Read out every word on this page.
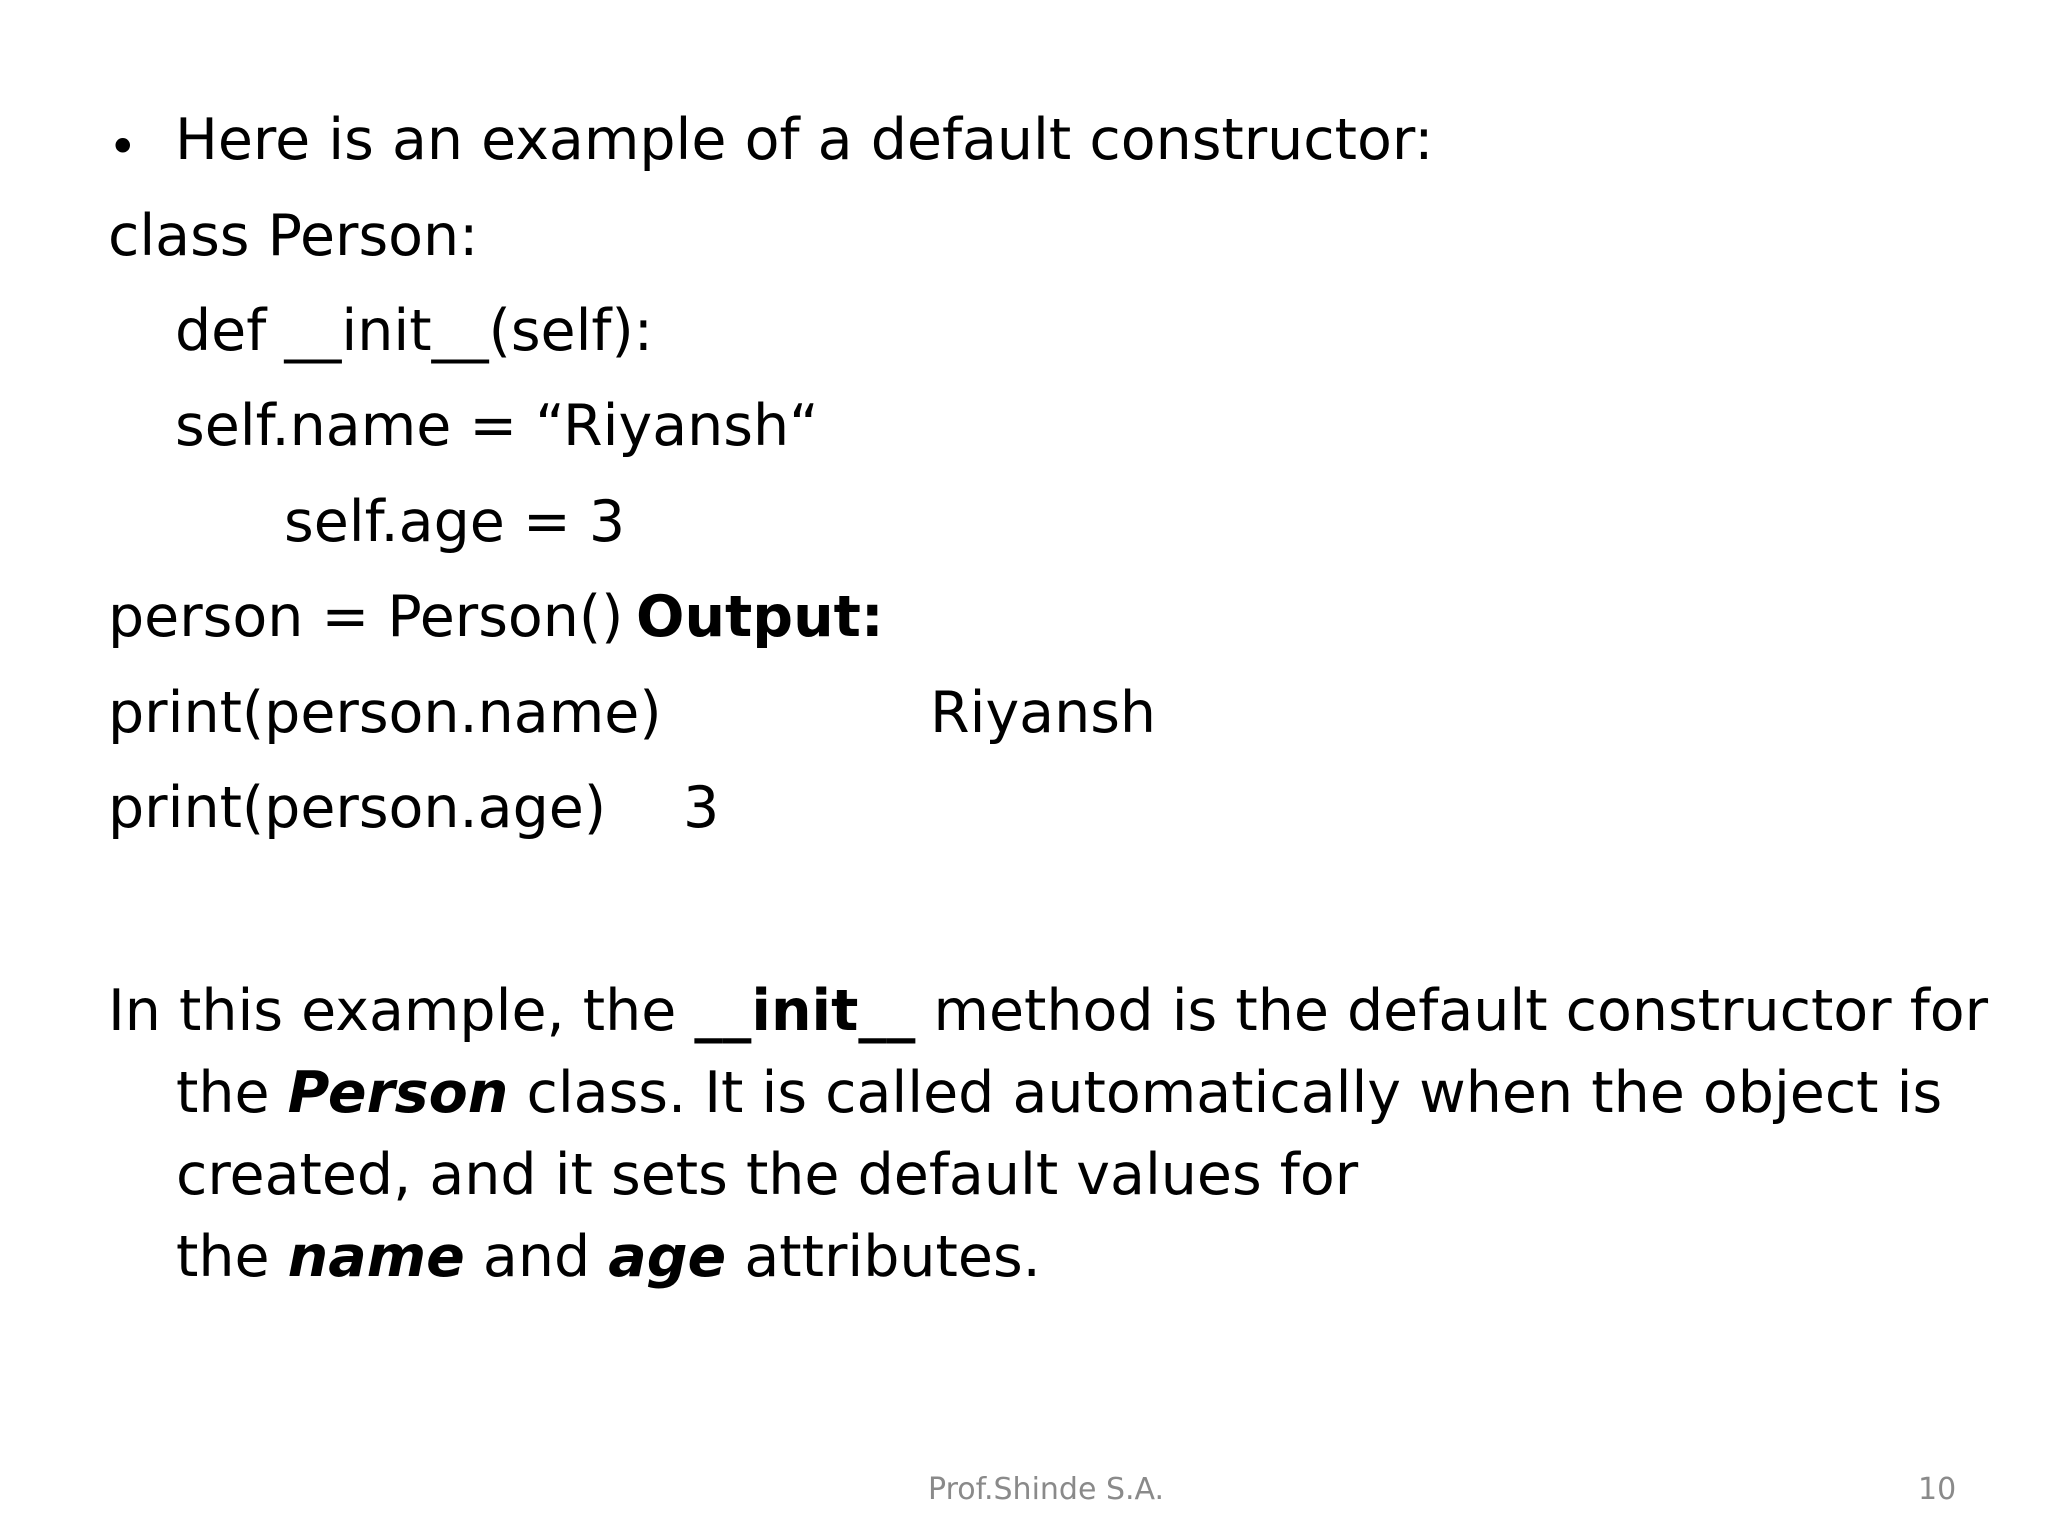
• Here is an example of a default constructor:
class Person:
def __init__(self):
self.name = “Riyansh“
self.age = 3
person = Person() Output:
print(person.name)	Riyansh
print(person.age) 3
In this example, the __init__ method is the default constructor for
the Person class. It is called automatically when the object is
created, and it sets the default values for
the name and age attributes.
Prof.Shinde S.A.	10
